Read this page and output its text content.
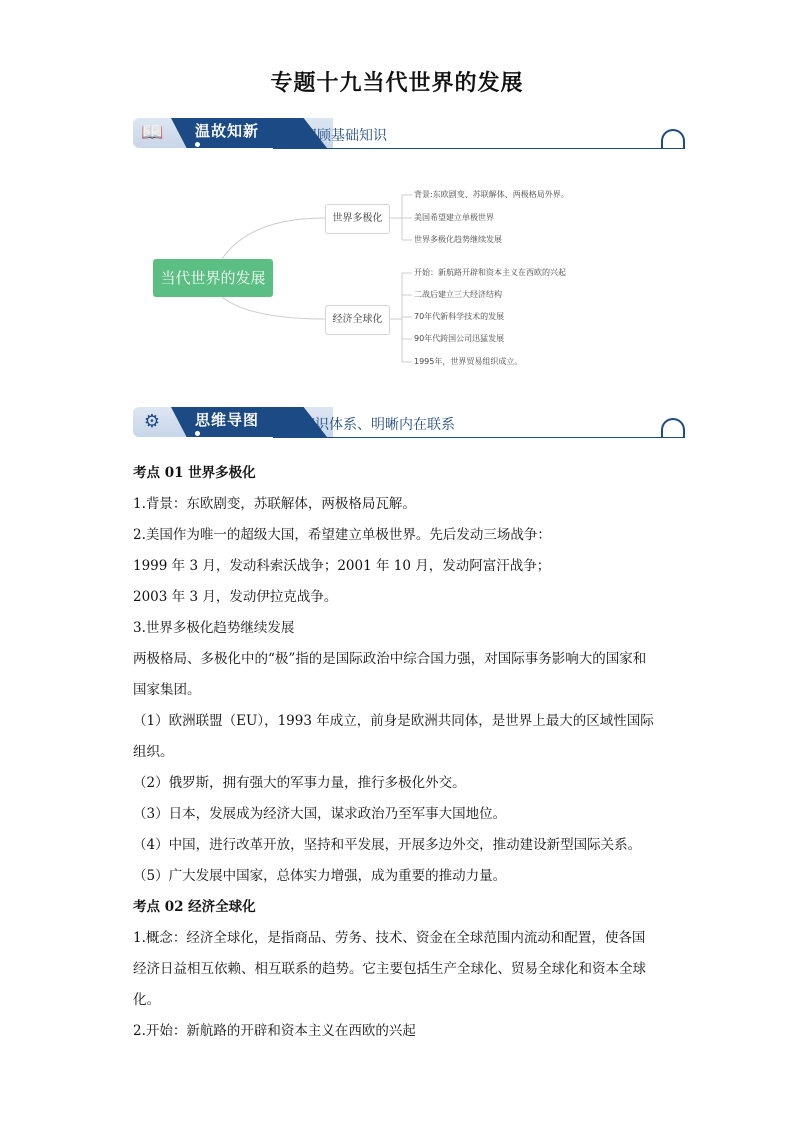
专题十九当代世界的发展
📖 温故知新 快速回顾基础知识
当代世界的发展
世界多极化
经济全球化
背景:东欧剧变、苏联解体、两极格局外界。
美国希望建立单极世界
世界多极化趋势继续发展
开始：新航路开辟和资本主义在西欧的兴起
二战后建立三大经济结构
70年代新科学技术的发展
90年代跨国公司迅猛发展
1995年，世界贸易组织成立。
⚙ 思维导图 构建知识体系、明晰内在联系

考点 01 世界多极化

1.背景：东欧剧变，苏联解体，两极格局瓦解。

2.美国作为唯一的超级大国，希望建立单极世界。先后发动三场战争：

1999 年 3 月，发动科索沃战争；2001 年 10 月，发动阿富汗战争；

2003 年 3 月，发动伊拉克战争。

3.世界多极化趋势继续发展

两极格局、多极化中的“极”指的是国际政治中综合国力强，对国际事务影响大的国家和

国家集团。

（1）欧洲联盟（EU），1993 年成立，前身是欧洲共同体，是世界上最大的区域性国际

组织。

（2）俄罗斯，拥有强大的军事力量，推行多极化外交。

（3）日本，发展成为经济大国，谋求政治乃至军事大国地位。

（4）中国，进行改革开放，坚持和平发展，开展多边外交，推动建设新型国际关系。

（5）广大发展中国家，总体实力增强，成为重要的推动力量。

考点 02 经济全球化

1.概念：经济全球化，是指商品、劳务、技术、资金在全球范围内流动和配置，使各国

经济日益相互依赖、相互联系的趋势。它主要包括生产全球化、贸易全球化和资本全球

化。

2.开始：新航路的开辟和资本主义在西欧的兴起
